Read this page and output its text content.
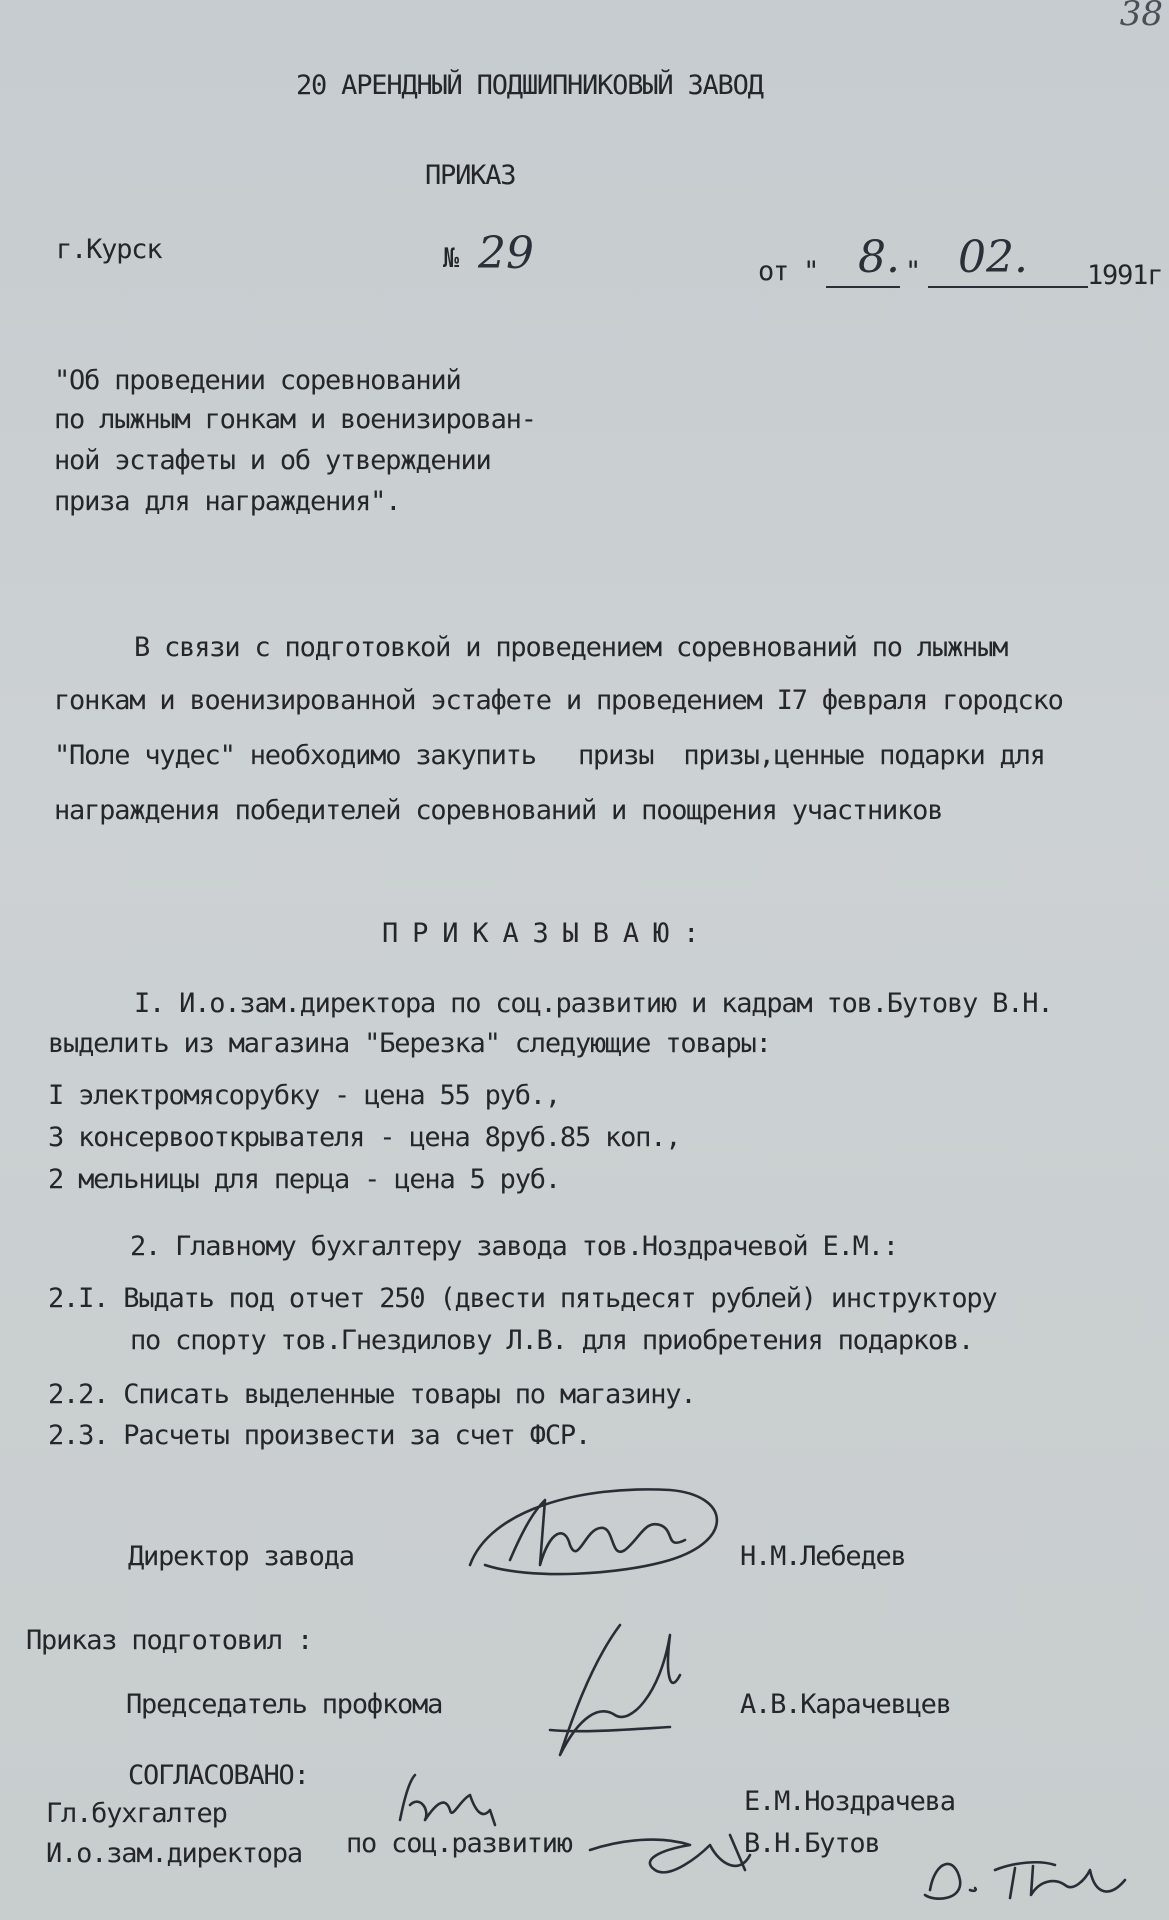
38
20 АРЕНДНЫЙ ПОДШИПНИКОВЫЙ ЗАВОД
ПРИКАЗ
г.Курск	№ 29	от " 8. " 02. 1991г
"Об проведении соревнований
по лыжным гонкам и военизирован-
ной эстафеты и об утверждении
приза для награждения".
В связи с подготовкой и проведением соревнований по лыжным
гонкам и военизированной эстафете и проведением I7 февраля городско
"Поле чудес" необходимо закупить призы  призы,ценные подарки для
награждения победителей соревнований и поощрения участников
П Р И К А З Ы В А Ю :
I. И.о.зам.директора по соц.развитию и кадрам тов.Бутову В.Н.
выделить из магазина "Березка" следующие товары:
I электромясорубку - цена 55 руб.,
3 консервооткрывателя - цена 8руб.85 коп.,
2 мельницы для перца - цена 5 руб.
2. Главному бухгалтеру завода тов.Ноздрачевой Е.М.:
2.I. Выдать под отчет 250 (двести пятьдесят рублей) инструктору
по спорту тов.Гнездилову Л.В. для приобретения подарков.
2.2. Списать выделенные товары по магазину.
2.3. Расчеты произвести за счет ФСР.
Директор завода	Н.М.Лебедев
Приказ подготовил :
Председатель профкома	А.В.Карачевцев
СОГЛАСОВАНО:
Гл.бухгалтер	Е.М.Ноздрачева
И.о.зам.директора по соц.развитию	В.Н.Бутов
